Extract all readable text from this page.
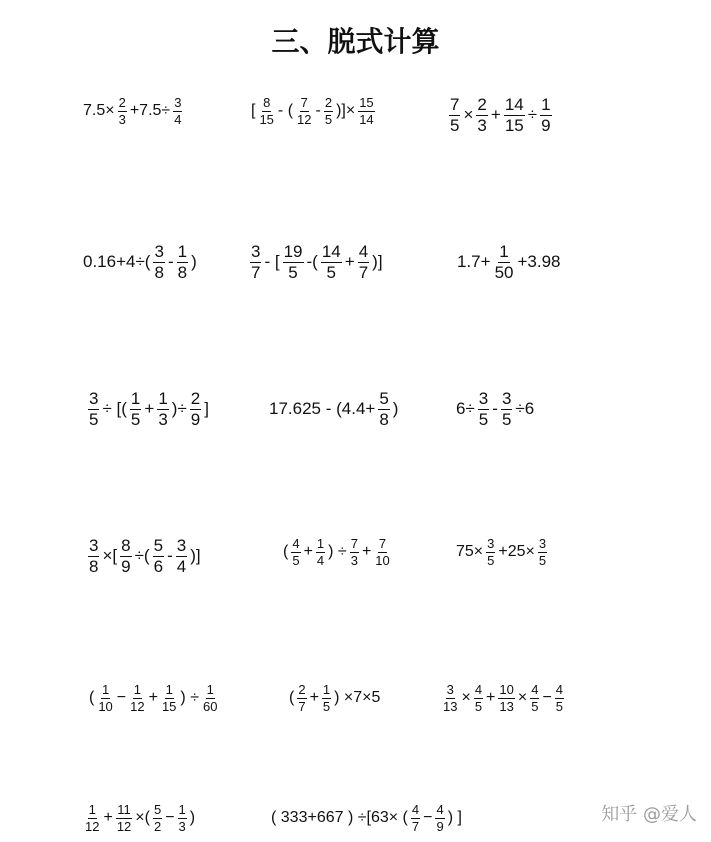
三、脱式计算
$7.5\times \frac{2}{3} +7.5\div \frac{3}{4}$	[ $\frac{8}{15}$ - ( $\frac{7}{12} - \frac{2}{5}$ )]× $\frac{15}{14}$	$\frac{7}{5} \times \frac{2}{3} + \frac{14}{15} \div \frac{1}{9}$
$0.16+4\div( \frac{3}{8} - \frac{1}{8}$ )	$\frac{3}{7}$ - [ $\frac{19}{5}$ -( $\frac{14}{5} + \frac{4}{7}$ )]	$1.7+ \frac{1}{50} +3.98$
$\frac{3}{5}$ ÷ [( $\frac{1}{5} + \frac{1}{3}$ )÷ $\frac{2}{9}$ ]	$17.625 - (4.4+ \frac{5}{8}$ )	$6\div \frac{3}{5} - \frac{3}{5} \div 6$
$\frac{3}{8}$ ×[ $\frac{8}{9}$ ÷( $\frac{5}{6} - \frac{3}{4}$ )]	( $\frac{4}{5} + \frac{1}{4}$ ) ÷ $\frac{7}{3} + \frac{7}{10}$	$75\times \frac{3}{5} +25\times \frac{3}{5}$
( $\frac{1}{10} - \frac{1}{12} + \frac{1}{15}$ ) ÷ $\frac{1}{60}$	( $\frac{2}{7} + \frac{1}{5}$ ) ×7×5	$\frac{3}{13} \times \frac{4}{5} + \frac{10}{13} \times \frac{4}{5} - \frac{4}{5}$
$\frac{1}{12} + \frac{11}{12}$ ×( $\frac{5}{2} - \frac{1}{3}$ )	( 333+667 ) ÷[63× ( $\frac{4}{7} - \frac{4}{9}$ ) ]	知乎 @爱人
